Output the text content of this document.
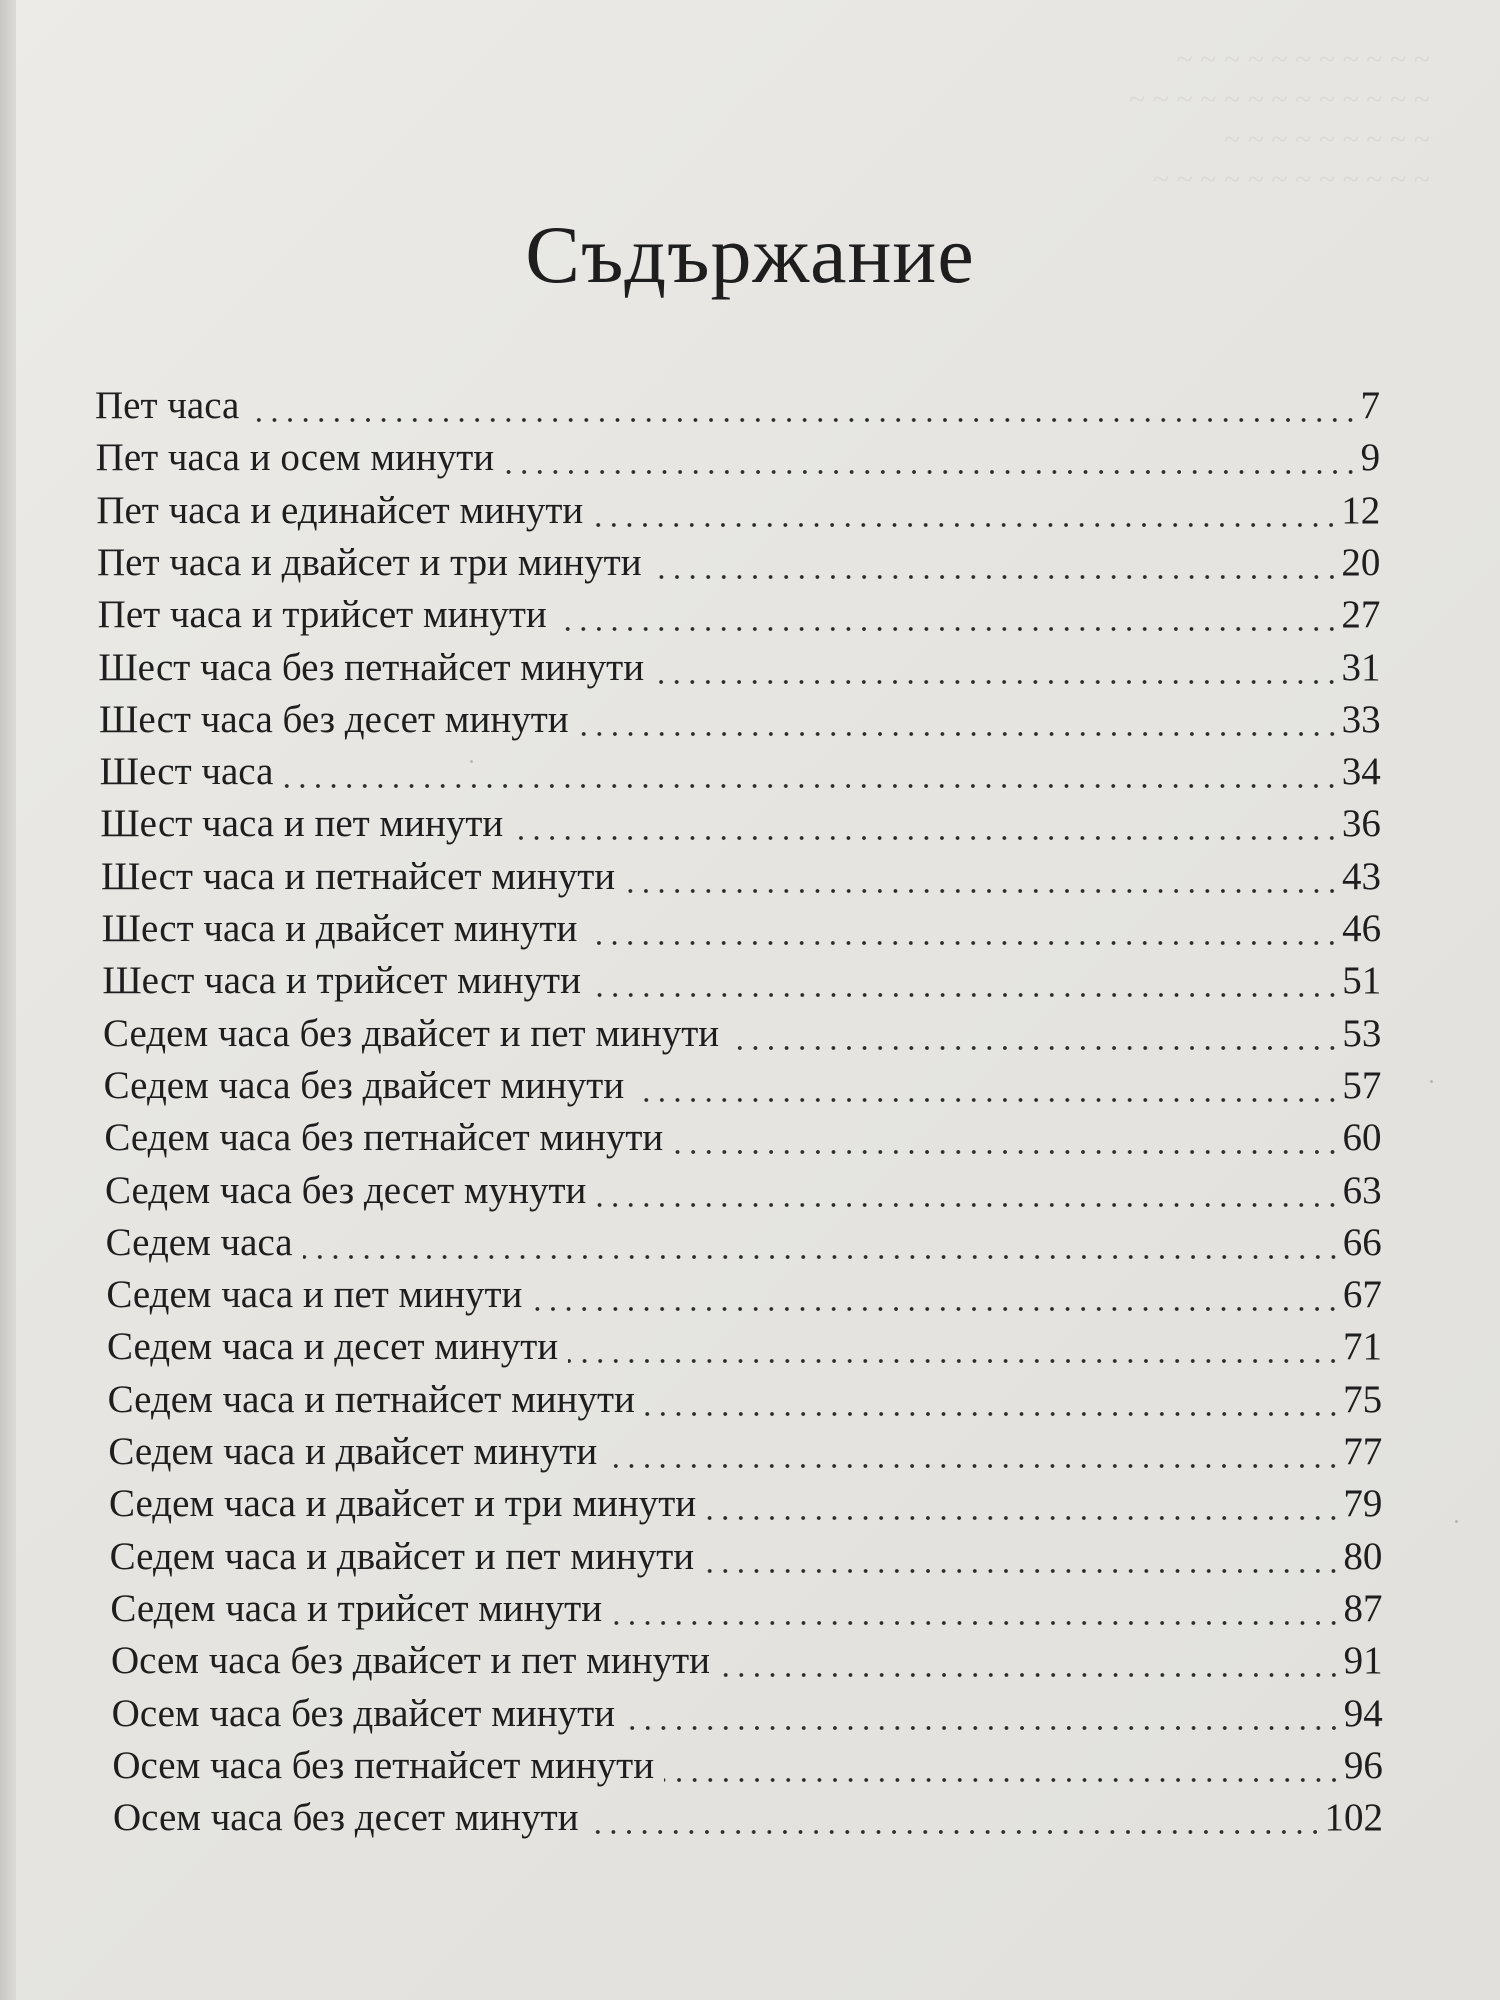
~ ~ ~ ~ ~ ~ ~ ~ ~ ~ ~
~ ~ ~ ~ ~ ~ ~ ~ ~ ~ ~ ~ ~
~ ~ ~ ~ ~ ~ ~ ~ ~
~ ~ ~ ~ ~ ~ ~ ~ ~ ~ ~ ~
Съдържание
Пет часа	7
Пет часа и осем минути	9
Пет часа и единайсет минути	12
Пет часа и двайсет и три минути	20
Пет часа и трийсет минути	27
Шест часа без петнайсет минути	31
Шест часа без десет минути	33
Шест часа	34
Шест часа и пет минути	36
Шест часа и петнайсет минути	43
Шест часа и двайсет минути	46
Шест часа и трийсет минути	51
Седем часа без двайсет и пет минути	53
Седем часа без двайсет минути	57
Седем часа без петнайсет минути	60
Седем часа без десет мунути	63
Седем часа	66
Седем часа и пет минути	67
Седем часа и десет минути	71
Седем часа и петнайсет минути	75
Седем часа и двайсет минути	77
Седем часа и двайсет и три минути	79
Седем часа и двайсет и пет минути	80
Седем часа и трийсет минути	87
Осем часа без двайсет и пет минути	91
Осем часа без двайсет минути	94
Осем часа без петнайсет минути	96
Осем часа без десет минути	102
